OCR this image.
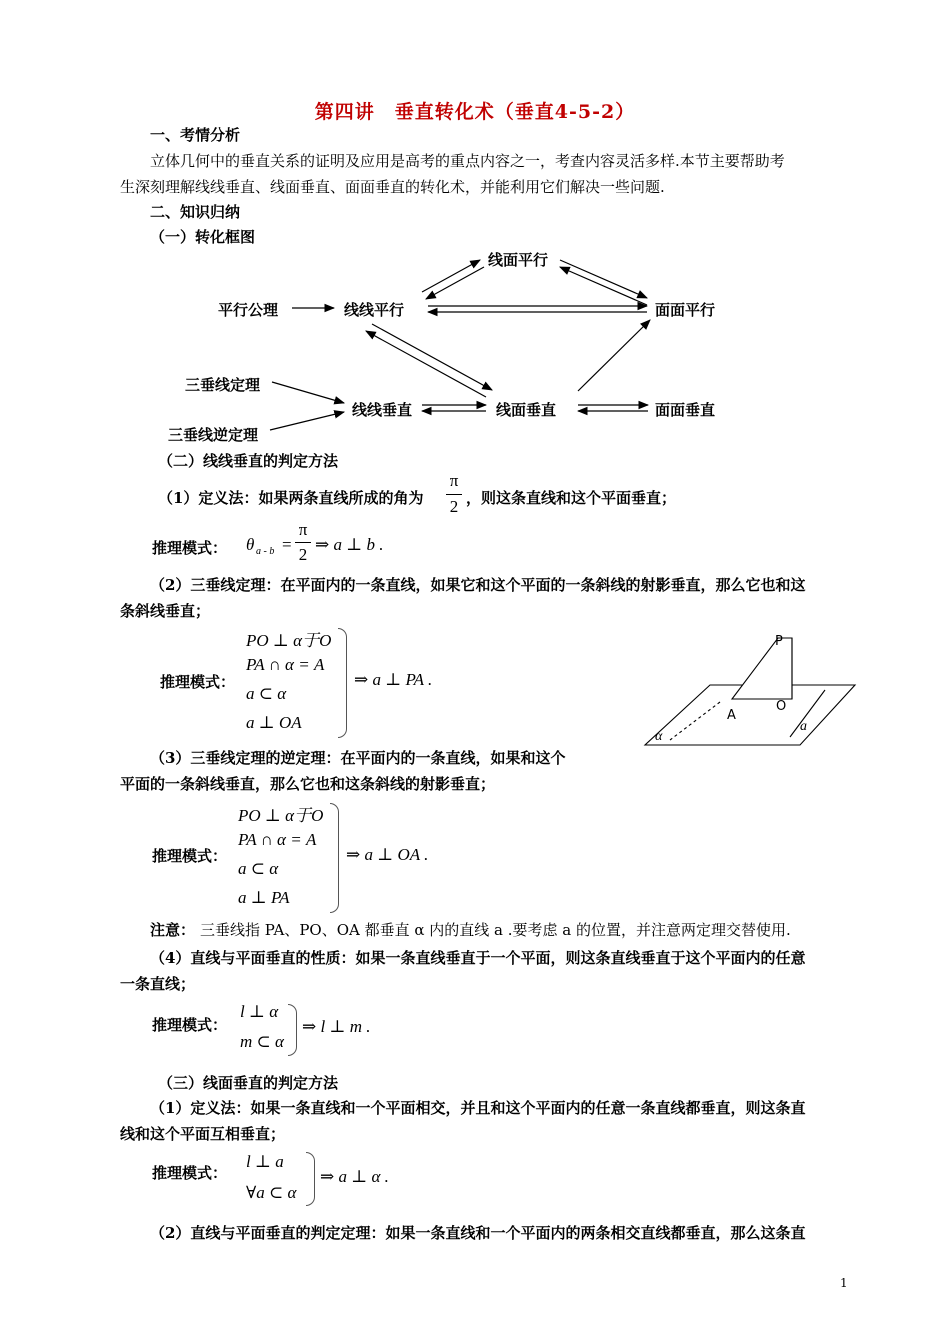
第四讲　垂直转化术（垂直4-5-2）
一、考情分析
立体几何中的垂直关系的证明及应用是高考的重点内容之一，考查内容灵活多样.本节主要帮助考
生深刻理解线线垂直、线面垂直、面面垂直的转化术，并能利用它们解决一些问题.
二、知识归纳
（一）转化框图
平行公理	线线平行
线面平行
面面平行
三垂线定理
三垂线逆定理
线线垂直	线面垂直	面面垂直
（二）线线垂直的判定方法
（1）定义法：如果两条直线所成的角为
π
2 ，则这条直线和这个平面垂直；
推理模式： θ a - b =
π
2
⇒ a ⊥ b .
（2）三垂线定理：在平面内的一条直线，如果它和这个平面的一条斜线的射影垂直，那么它也和这
条斜线垂直；
推理模式：
PO ⊥ α于O
PA ∩ α = A
a ⊂ α
a ⊥ OA
⇒ a ⊥ PA .
P
A
O
a
α
（3）三垂线定理的逆定理：在平面内的一条直线，如果和这个
平面的一条斜线垂直，那么它也和这条斜线的射影垂直；
推理模式：
PO ⊥ α于O
PA ∩ α = A
a ⊂ α
a ⊥ PA
⇒ a ⊥ OA .
注意： 三垂线指 PA、PO、OA 都垂直 α 内的直线 a .要考虑 a 的位置，并注意两定理交替使用.
（4）直线与平面垂直的性质：如果一条直线垂直于一个平面，则这条直线垂直于这个平面内的任意
一条直线；
推理模式：
l ⊥ α
m ⊂ α
⇒ l ⊥ m .
（三）线面垂直的判定方法
（1）定义法：如果一条直线和一个平面相交，并且和这个平面内的任意一条直线都垂直，则这条直
线和这个平面互相垂直；
推理模式：
l ⊥ a
∀a ⊂ α
⇒ a ⊥ α .
（2）直线与平面垂直的判定定理：如果一条直线和一个平面内的两条相交直线都垂直，那么这条直
1
